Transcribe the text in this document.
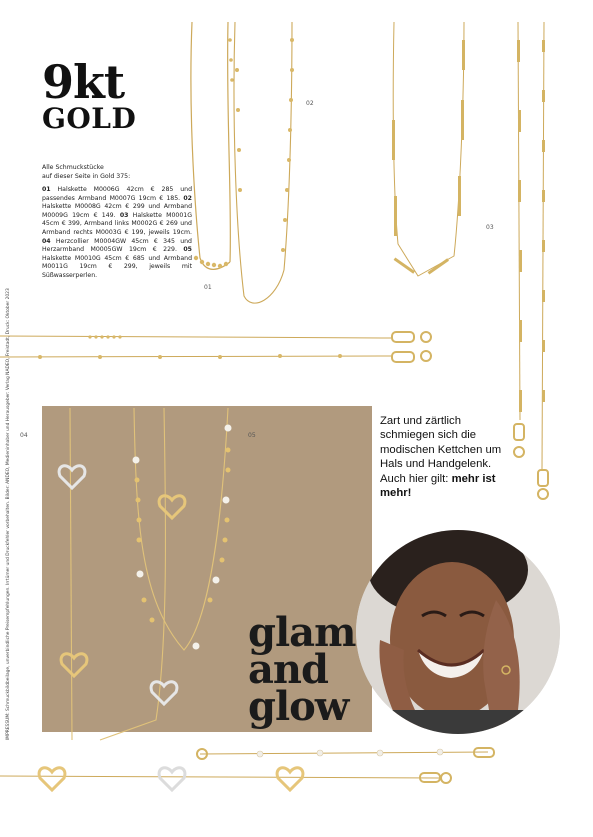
9kt
GOLD
Alle Schmuckstücke
auf dieser Seite in Gold 375:
01 Halskette M0006G 42cm € 285 und passendes Armband M0007G 19cm € 185. 02 Halskette M0008G 42cm € 299 und Armband M0009G 19cm € 149. 03 Halskette M0001G 45cm € 399, Armband links M0002G € 269 und Armband rechts M0003G € 199, jeweils 19cm. 04 Herzcollier M0004GW 45cm € 345 und Herzarmband M0005GW 19cm € 229. 05 Halskette M0010G 45cm € 685 und Armband M0011G 19cm € 299, jeweils mit Süßwasserperlen.
01
02
03
04	05
IMPRESSUM: Schmuckbildbeilage, unverbindliche Preisempfehlungen. Irrtümer und Druckfehler vorbehalten. Bilder: ANDEO, Medieninhaber und Herausgeber: Verlag NADEO, Freistadt, Druck: Oktober 2023	Zart und zärtlich schmiegen sich die modischen Kettchen um Hals und Handgelenk. Auch hier gilt: mehr ist mehr!
glam
and
glow
